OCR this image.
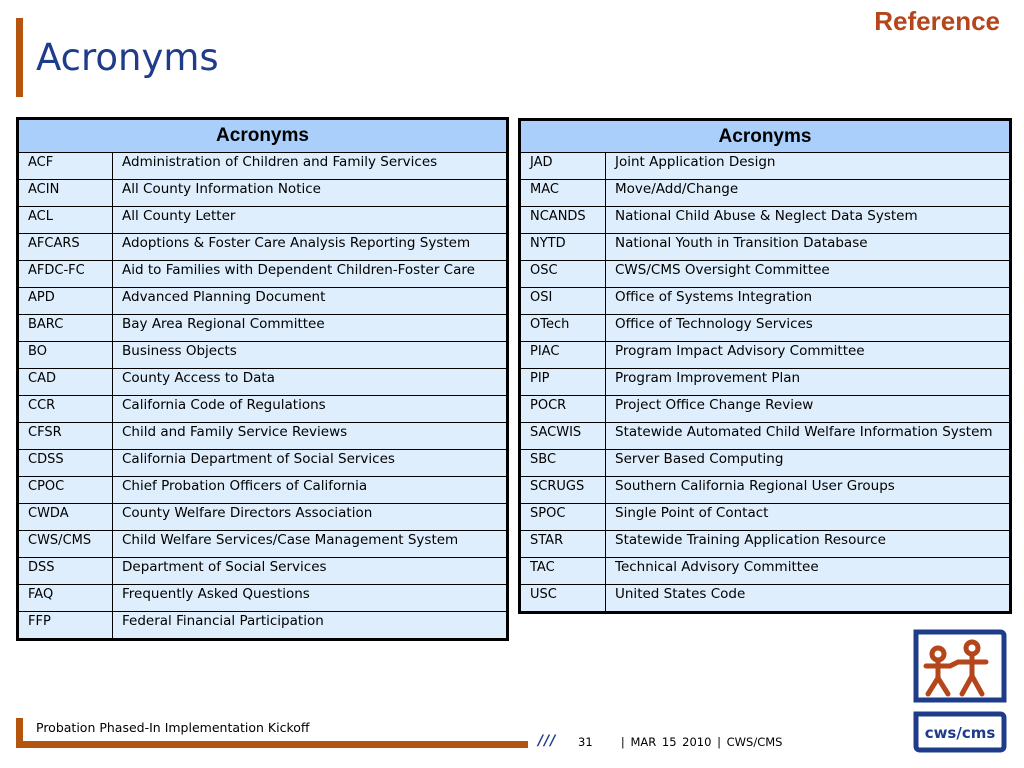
Acronyms
Reference
Acronyms	
ACF	Administration of Children and Family Services
ACIN	All County Information Notice
ACL	All County Letter
AFCARS	Adoptions & Foster Care Analysis Reporting System
AFDC-FC	Aid to Families with Dependent Children-Foster Care
APD	Advanced Planning Document
BARC	Bay Area Regional Committee
BO	Business Objects
CAD	County Access to Data
CCR	California Code of Regulations
CFSR	Child and Family Service Reviews
CDSS	California Department of Social Services
CPOC	Chief Probation Officers of California
CWDA	County Welfare Directors Association
CWS/CMS	Child Welfare Services/Case Management System
DSS	Department of Social Services
FAQ	Frequently Asked Questions
FFP	Federal Financial Participation
Acronyms	
JAD	Joint Application Design
MAC	Move/Add/Change
NCANDS	National Child Abuse & Neglect Data System
NYTD	National Youth in Transition Database
OSC	CWS/CMS Oversight Committee
OSI	Office of Systems Integration
OTech	Office of Technology Services
PIAC	Program Impact Advisory Committee
PIP	Program Improvement Plan
POCR	Project Office Change Review
SACWIS	Statewide Automated Child Welfare Information System
SBC	Server Based Computing
SCRUGS	Southern California Regional User Groups
SPOC	Single Point of Contact
STAR	Statewide Training Application Resource
TAC	Technical Advisory Committee
USC	United States Code
cws/cms
Probation Phased-In Implementation Kickoff
/// 31     | MAR 15 2010 | CWS/CMS
